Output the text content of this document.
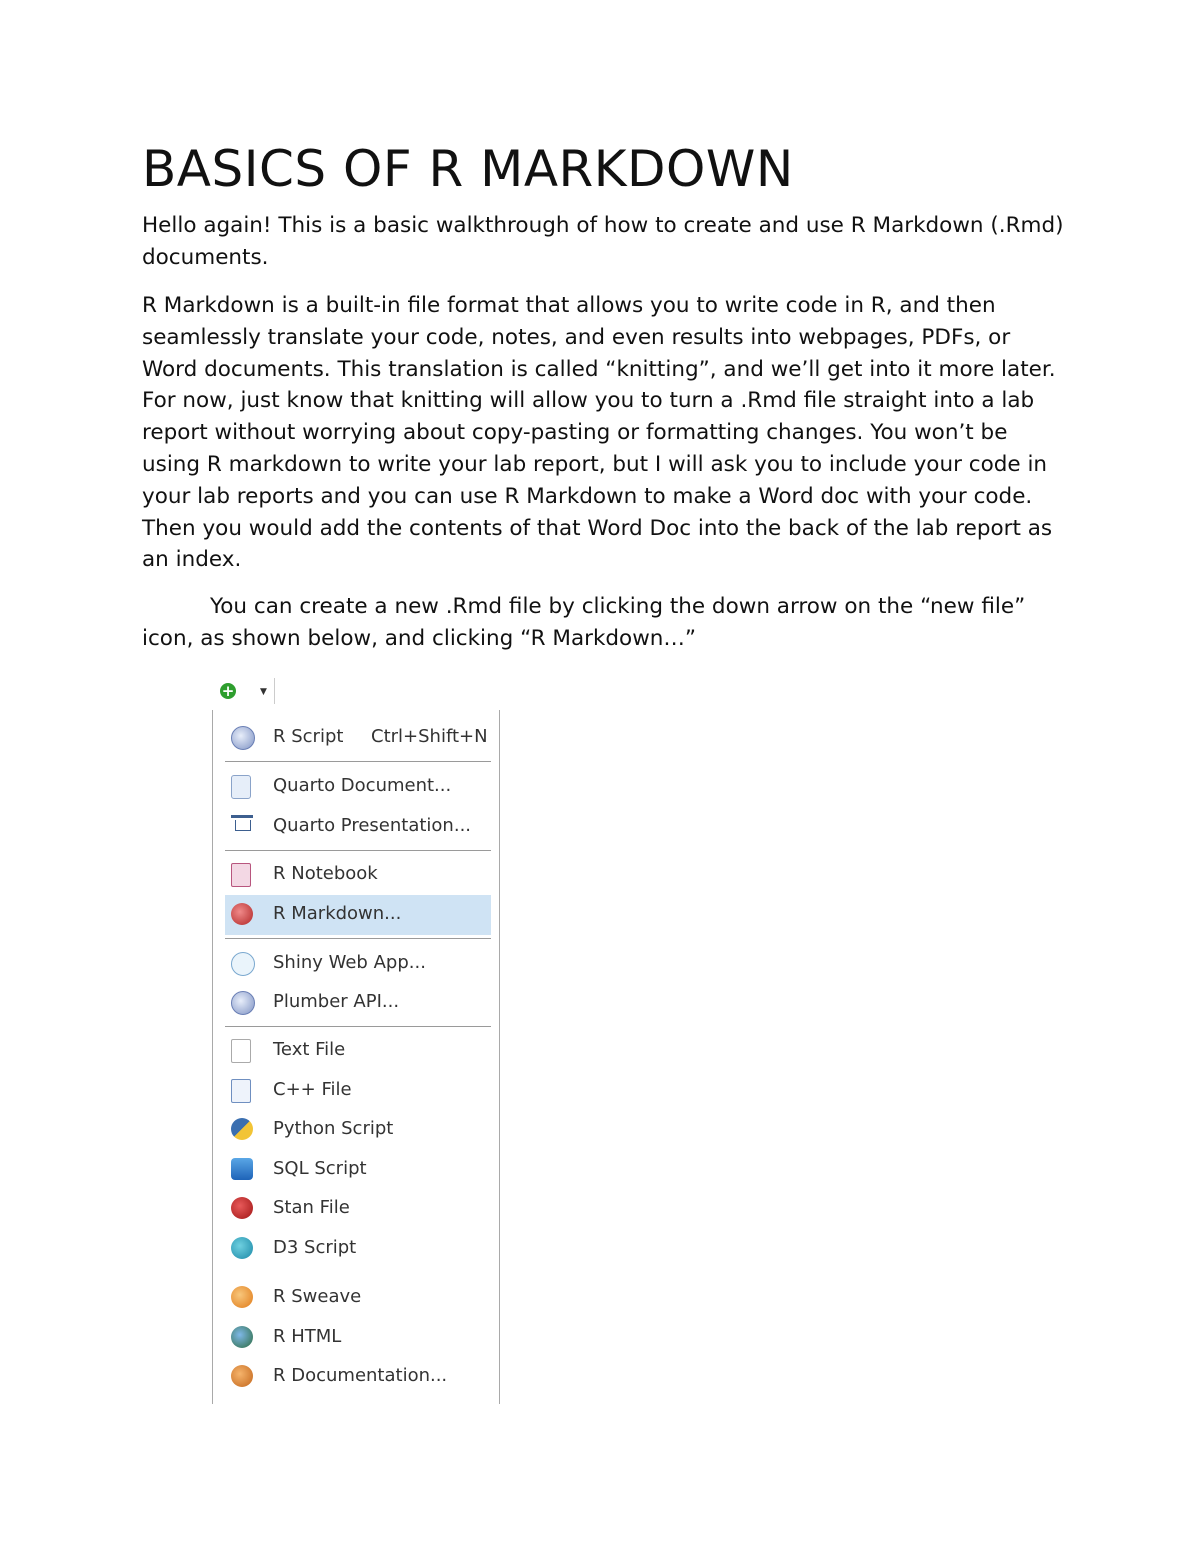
BASICS OF R MARKDOWN

Hello again! This is a basic walkthrough of how to create and use R Markdown (.Rmd) documents.

R Markdown is a built-in file format that allows you to write code in R, and then seamlessly translate your code, notes, and even results into webpages, PDFs, or Word documents. This translation is called “knitting”, and we’ll get into it more later. For now, just know that knitting will allow you to turn a .Rmd file straight into a lab report without worrying about copy-pasting or formatting changes. You won’t be using R markdown to write your lab report, but I will ask you to include your code in your lab reports and you can use R Markdown to make a Word doc with your code. Then you would add the contents of that Word Doc into the back of the lab report as an index.

You can create a new .Rmd file by clicking the down arrow on the “new file” icon, as shown below, and clicking “R Markdown…”

+	▼
R Script Ctrl+Shift+N
Quarto Document...
Quarto Presentation...
R Notebook
R Markdown...
Shiny Web App...
Plumber API...
Text File
C++ File
Python Script
SQL Script
Stan File
D3 Script
R Sweave
R HTML
R Documentation...
